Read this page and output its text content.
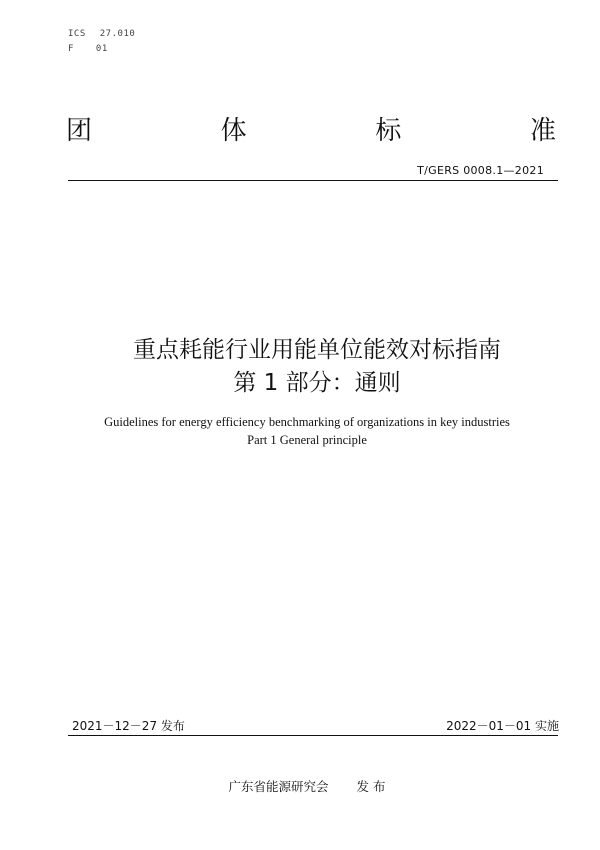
ICS 27.010
F 01
团	体	标	准
T/GERS 0008.1—2021
重点耗能行业用能单位能效对标指南
第 1 部分：通则
Guidelines for energy efficiency benchmarking of organizations in key industries
Part 1 General principle
2021－12－27 发布	2022－01－01 实施
广东省能源研究会 发 布
